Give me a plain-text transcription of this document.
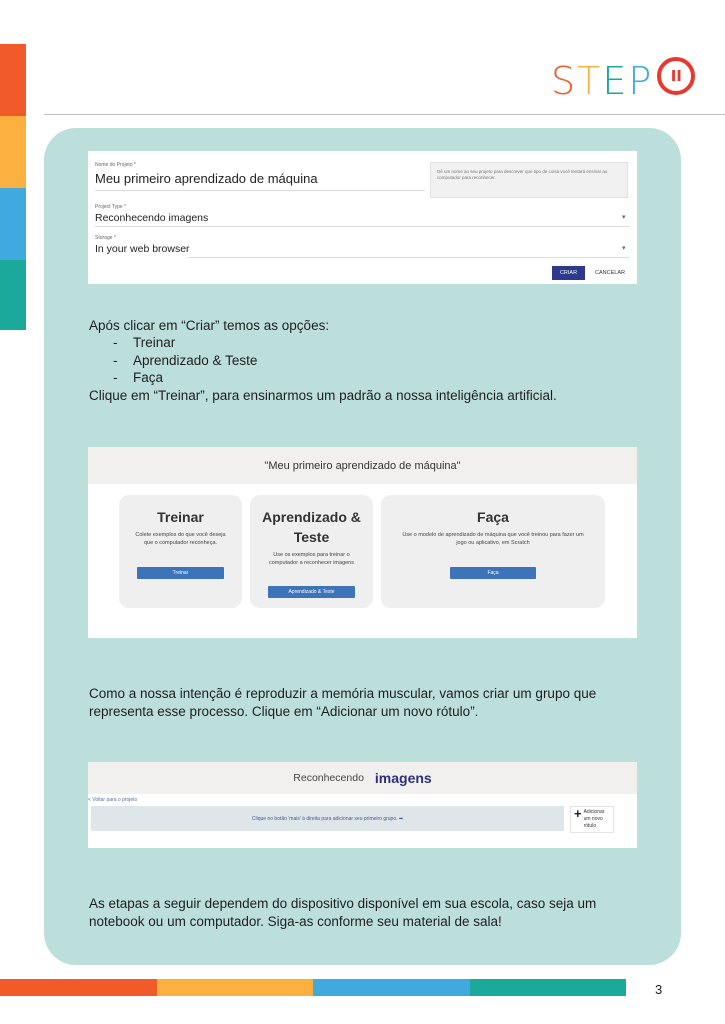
STEP	ⅠⅠ
Nome do Projeto *
Meu primeiro aprendizado de máquina	Dê um nome ao seu projeto para descrever que tipo de coisa você tentará ensinar ao computador para reconhecer.
Project Type *
Reconhecendo imagens	▾
Storage *
In your web browser	▾
CRIAR	CANCELAR
Após clicar em “Criar” temos as opções:
- Treinar
- Aprendizado & Teste
- Faça
Clique em “Treinar”, para ensinarmos um padrão a nossa inteligência artificial.
"Meu primeiro aprendizado de máquina"
Treinar

Colete exemplos do que você deseja que o computador reconheça.

Treinar
Aprendizado & Teste

Use os exemplos para treinar o computador a reconhecer imagens

Aprendizado & Teste
Faça

Use o modelo de aprendizado de máquina que você treinou para fazer um jogo ou aplicativo, em Scratch

Faça
Como a nossa intenção é reproduzir a memória muscular, vamos criar um grupo que representa esse processo. Clique em “Adicionar um novo rótulo”.
Reconhecendo imagens
< Voltar para o projeto
Clique no botão 'mais' à direita para adicionar seu primeiro grupo. ➡	+ Adicionar um novo rótulo
As etapas a seguir dependem do dispositivo disponível em sua escola, caso seja um notebook ou um computador. Siga-as conforme seu material de sala!
3
